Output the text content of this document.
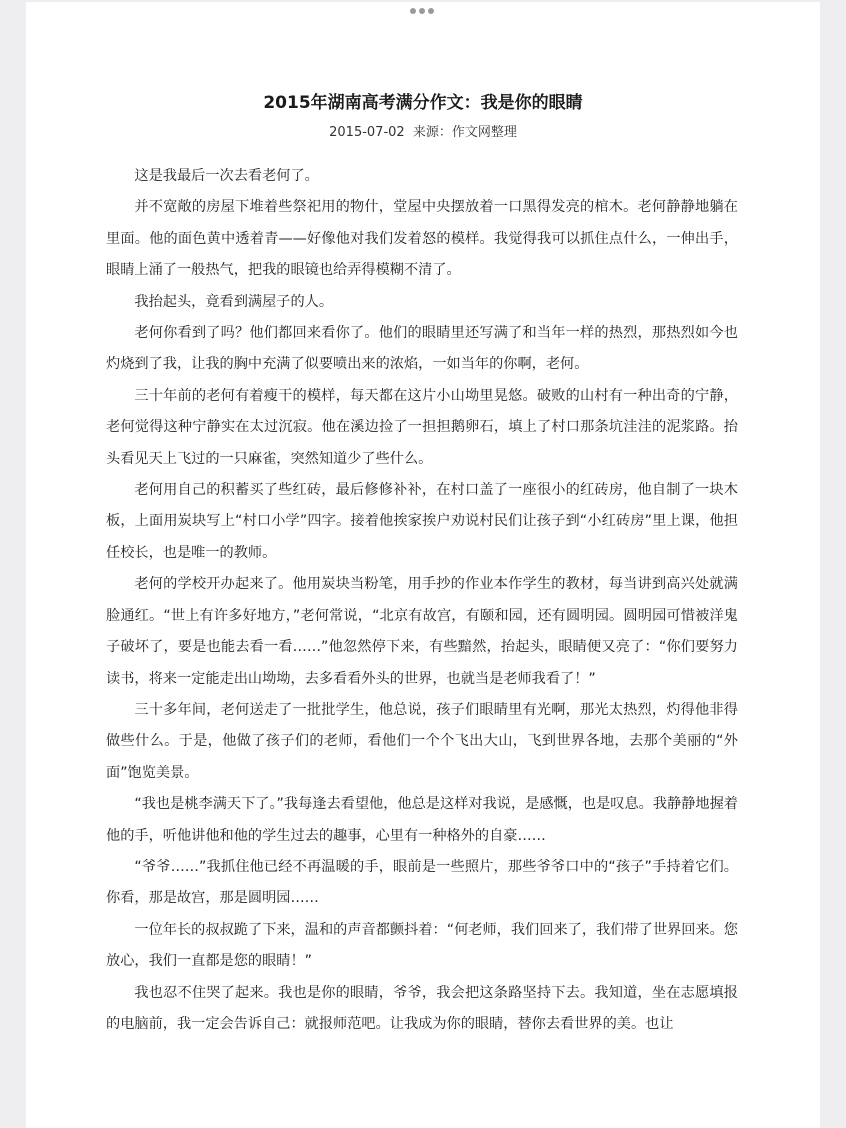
2015年湖南高考满分作文：我是你的眼睛
2015-07-02 来源：作文网整理

这是我最后一次去看老何了。

并不宽敞的房屋下堆着些祭祀用的物什，堂屋中央摆放着一口黑得发亮的棺木。老何静静地躺在里面。他的面色黄中透着青——好像他对我们发着怒的模样。我觉得我可以抓住点什么，一伸出手，眼睛上涌了一般热气，把我的眼镜也给弄得模糊不清了。

我抬起头，竟看到满屋子的人。

老何你看到了吗？他们都回来看你了。他们的眼睛里还写满了和当年一样的热烈，那热烈如今也灼烧到了我，让我的胸中充满了似要喷出来的浓焰，一如当年的你啊，老何。

三十年前的老何有着瘦干的模样，每天都在这片小山坳里晃悠。破败的山村有一种出奇的宁静，老何觉得这种宁静实在太过沉寂。他在溪边捡了一担担鹅卵石，填上了村口那条坑洼洼的泥浆路。抬头看见天上飞过的一只麻雀，突然知道少了些什么。

老何用自己的积蓄买了些红砖，最后修修补补，在村口盖了一座很小的红砖房，他自制了一块木板，上面用炭块写上“村口小学”四字。接着他挨家挨户劝说村民们让孩子到“小红砖房”里上课，他担任校长，也是唯一的教师。

老何的学校开办起来了。他用炭块当粉笔，用手抄的作业本作学生的教材，每当讲到高兴处就满脸通红。“世上有许多好地方，”老何常说，“北京有故宫，有颐和园，还有圆明园。圆明园可惜被洋鬼子破坏了，要是也能去看一看……”他忽然停下来，有些黯然，抬起头，眼睛便又亮了：“你们要努力读书，将来一定能走出山坳坳，去多看看外头的世界，也就当是老师我看了！”

三十多年间，老何送走了一批批学生，他总说，孩子们眼睛里有光啊，那光太热烈，灼得他非得做些什么。于是，他做了孩子们的老师，看他们一个个飞出大山，飞到世界各地，去那个美丽的“外面”饱览美景。

“我也是桃李满天下了。”我每逢去看望他，他总是这样对我说，是感慨，也是叹息。我静静地握着他的手，听他讲他和他的学生过去的趣事，心里有一种格外的自豪……

“爷爷……”我抓住他已经不再温暖的手，眼前是一些照片，那些爷爷口中的“孩子”手持着它们。你看，那是故宫，那是圆明园……

一位年长的叔叔跪了下来，温和的声音都颤抖着：“何老师，我们回来了，我们带了世界回来。您放心，我们一直都是您的眼睛！”

我也忍不住哭了起来。我也是你的眼睛，爷爷，我会把这条路坚持下去。我知道，坐在志愿填报的电脑前，我一定会告诉自己：就报师范吧。让我成为你的眼睛，替你去看世界的美。也让
